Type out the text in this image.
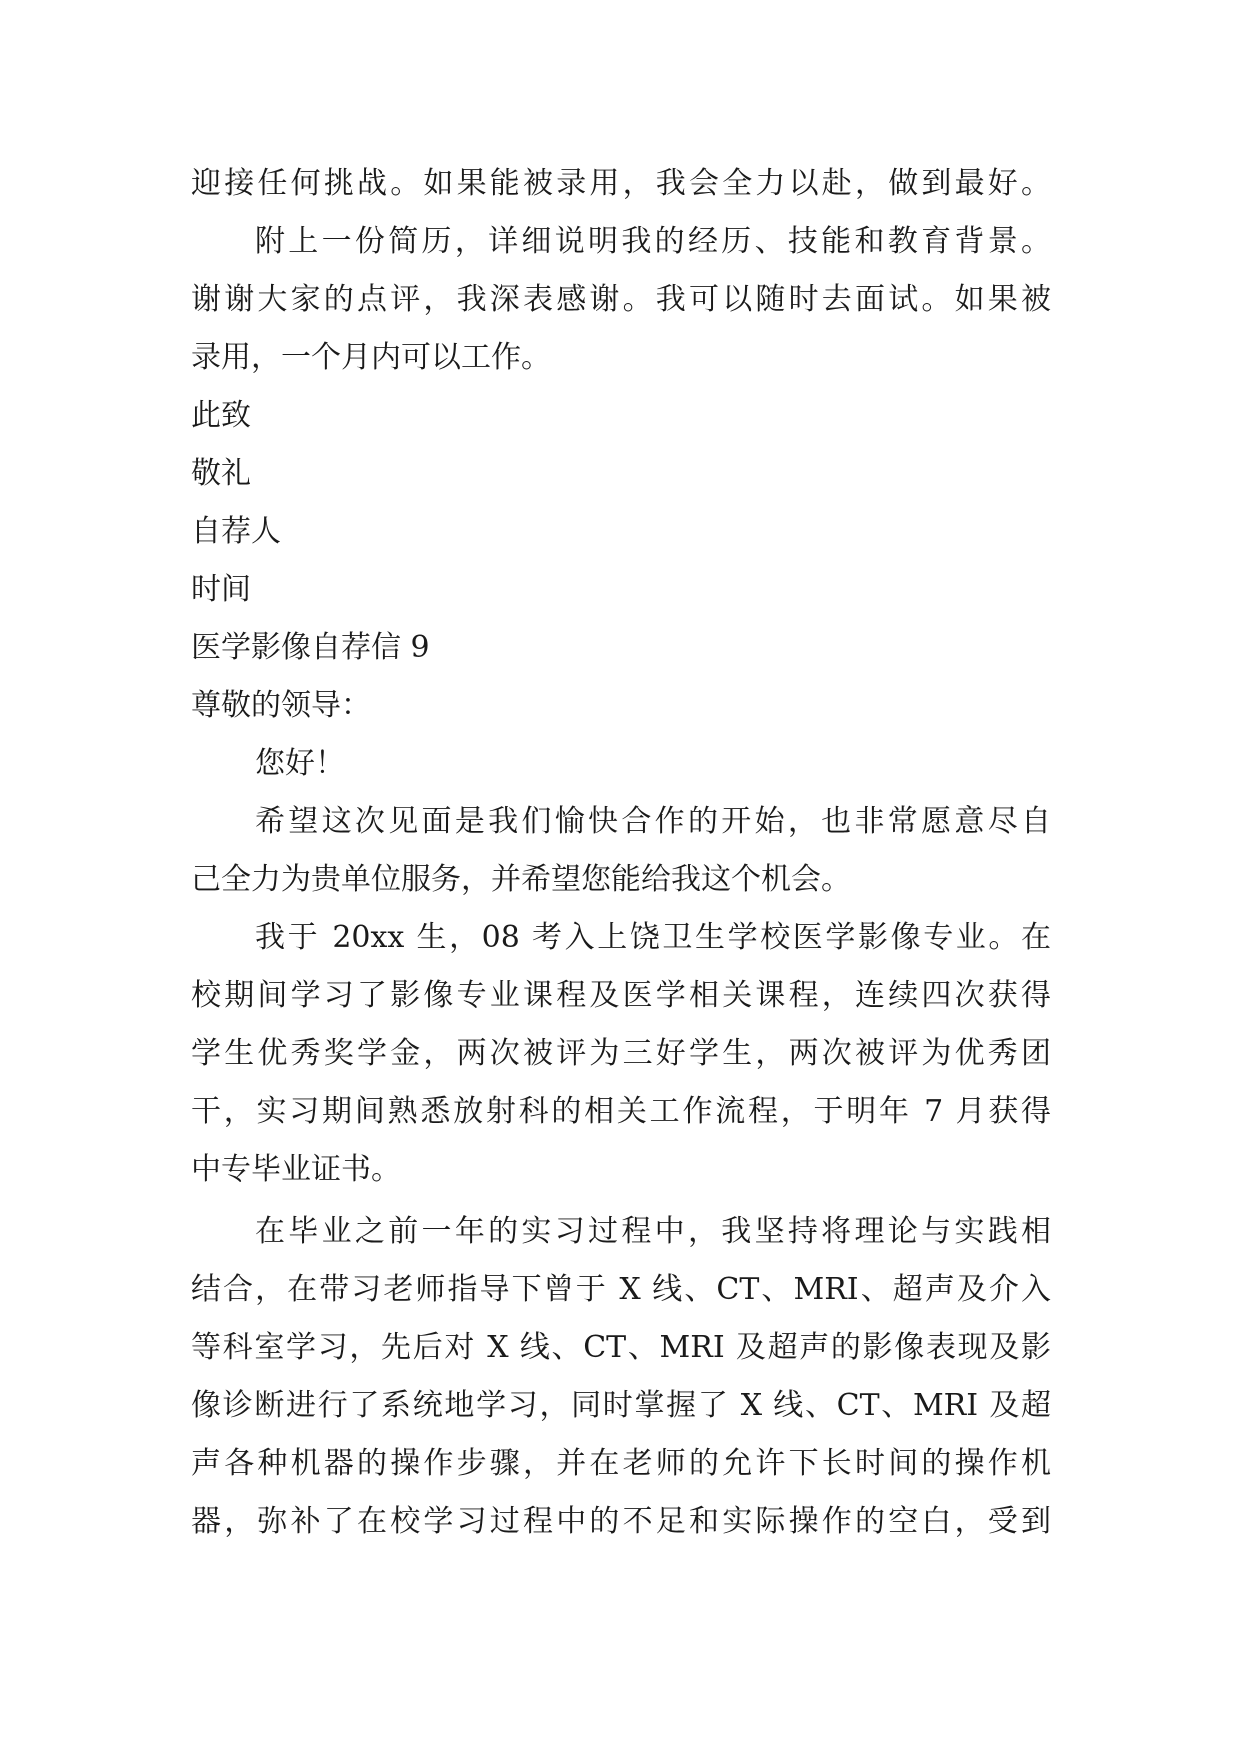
迎接任何挑战。如果能被录用，我会全力以赴，做到最好。
附上一份简历，详细说明我的经历、技能和教育背景。
谢谢大家的点评，我深表感谢。我可以随时去面试。如果被
录用，一个月内可以工作。
此致
敬礼
自荐人
时间
医学影像自荐信 9
尊敬的领导：
您好！
希望这次见面是我们愉快合作的开始，也非常愿意尽自
己全力为贵单位服务，并希望您能给我这个机会。
我于 20xx 生，08 考入上饶卫生学校医学影像专业。在
校期间学习了影像专业课程及医学相关课程，连续四次获得
学生优秀奖学金，两次被评为三好学生，两次被评为优秀团
干，实习期间熟悉放射科的相关工作流程，于明年 7 月获得
中专毕业证书。
在毕业之前一年的实习过程中，我坚持将理论与实践相
结合，在带习老师指导下曾于 X 线、CT、MRI、超声及介入
等科室学习，先后对 X 线、CT、MRI 及超声的影像表现及影
像诊断进行了系统地学习，同时掌握了 X 线、CT、MRI 及超
声各种机器的操作步骤，并在老师的允许下长时间的操作机
器，弥补了在校学习过程中的不足和实际操作的空白，受到
